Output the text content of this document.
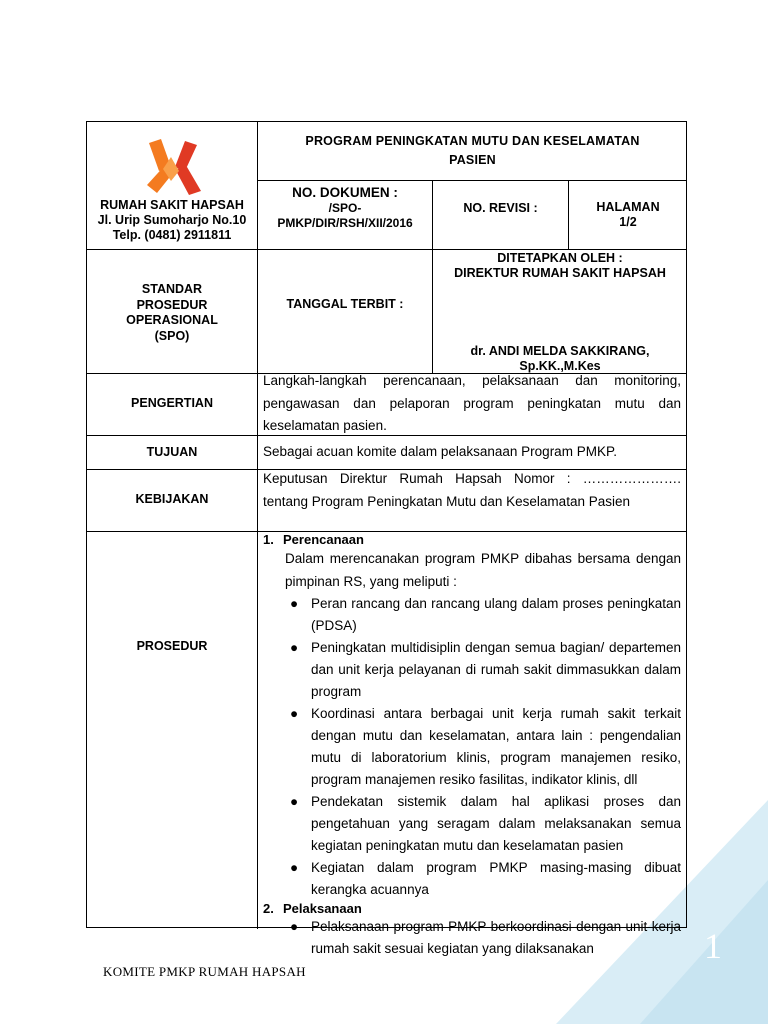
1
RUMAH SAKIT HAPSAH
Jl. Urip Sumoharjo No.10
Telp. (0481) 2911811
PROGRAM PENINGKATAN MUTU DAN KESELAMATAN
PASIEN
NO. DOKUMEN :
/SPO-
PMKP/DIR/RSH/XII/2016
NO. REVISI :	HALAMAN
1/2
STANDAR
PROSEDUR
OPERASIONAL
(SPO)
TANGGAL TERBIT :
DITETAPKAN OLEH :
DIREKTUR RUMAH SAKIT HAPSAH
dr. ANDI MELDA SAKKIRANG,
Sp.KK.,M.Kes
PENGERTIAN
Langkah-langkah perencanaan, pelaksanaan dan monitoring, pengawasan dan pelaporan program peningkatan mutu dan keselamatan pasien.
TUJUAN	Sebagai acuan komite dalam pelaksanaan Program PMKP.
KEBIJAKAN
Keputusan Direktur Rumah Hapsah Nomor : ………………….
tentang Program Peningkatan Mutu dan Keselamatan Pasien
PROSEDUR
1. Perencanaan
Dalam merencanakan program PMKP dibahas bersama dengan pimpinan RS, yang meliputi :
● Peran rancang dan rancang ulang dalam proses peningkatan (PDSA)
● Peningkatan multidisiplin dengan semua bagian/ departemen dan unit kerja pelayanan di rumah sakit dimmasukkan dalam program
● Koordinasi antara berbagai unit kerja rumah sakit terkait dengan mutu dan keselamatan, antara lain : pengendalian mutu di laboratorium klinis, program manajemen resiko, program manajemen resiko fasilitas, indikator klinis, dll
● Pendekatan sistemik dalam hal aplikasi proses dan pengetahuan yang seragam dalam melaksanakan semua kegiatan peningkatan mutu dan keselamatan pasien
● Kegiatan dalam program PMKP masing-masing dibuat kerangka acuannya
2. Pelaksanaan
● Pelaksanaan program PMKP berkoordinasi dengan unit kerja rumah sakit sesuai kegiatan yang dilaksanakan
KOMITE PMKP RUMAH HAPSAH
